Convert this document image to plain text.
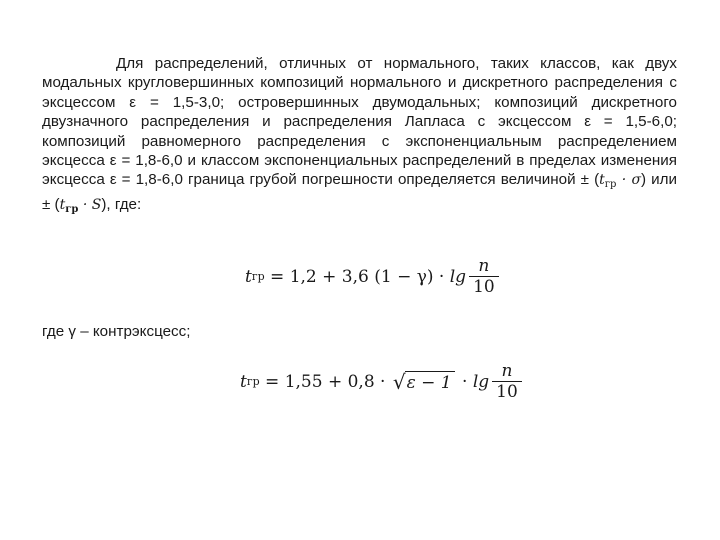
Для распределений, отличных от нормального, таких классов, как двух модальных кругловершинных композиций нормального и дискретного распределения с эксцессом ε = 1,5-3,0; островершинных двумодальных; композиций дискретного двузначного распределения и распределения Лапласа с эксцессом ε = 1,5-6,0; композиций равномерного распределения с экспоненциальным распределением эксцесса ε = 1,8-6,0 и классом экспоненциальных распределений в пределах изменения эксцесса ε = 1,8-6,0 граница грубой погрешности определяется величиной ± $(t_{гр} \cdot \sigma)$ или ± $(t_{гр} \cdot S)$, где:

t гр = 1,2 + 3,6 $(1 - \gamma) \cdot \lg \frac{n}{10}$
где γ – контрэксцесс;
t гр = 1,55 + 0,8 · √ $\varepsilon - 1 \cdot \lg \frac{n}{10}$
